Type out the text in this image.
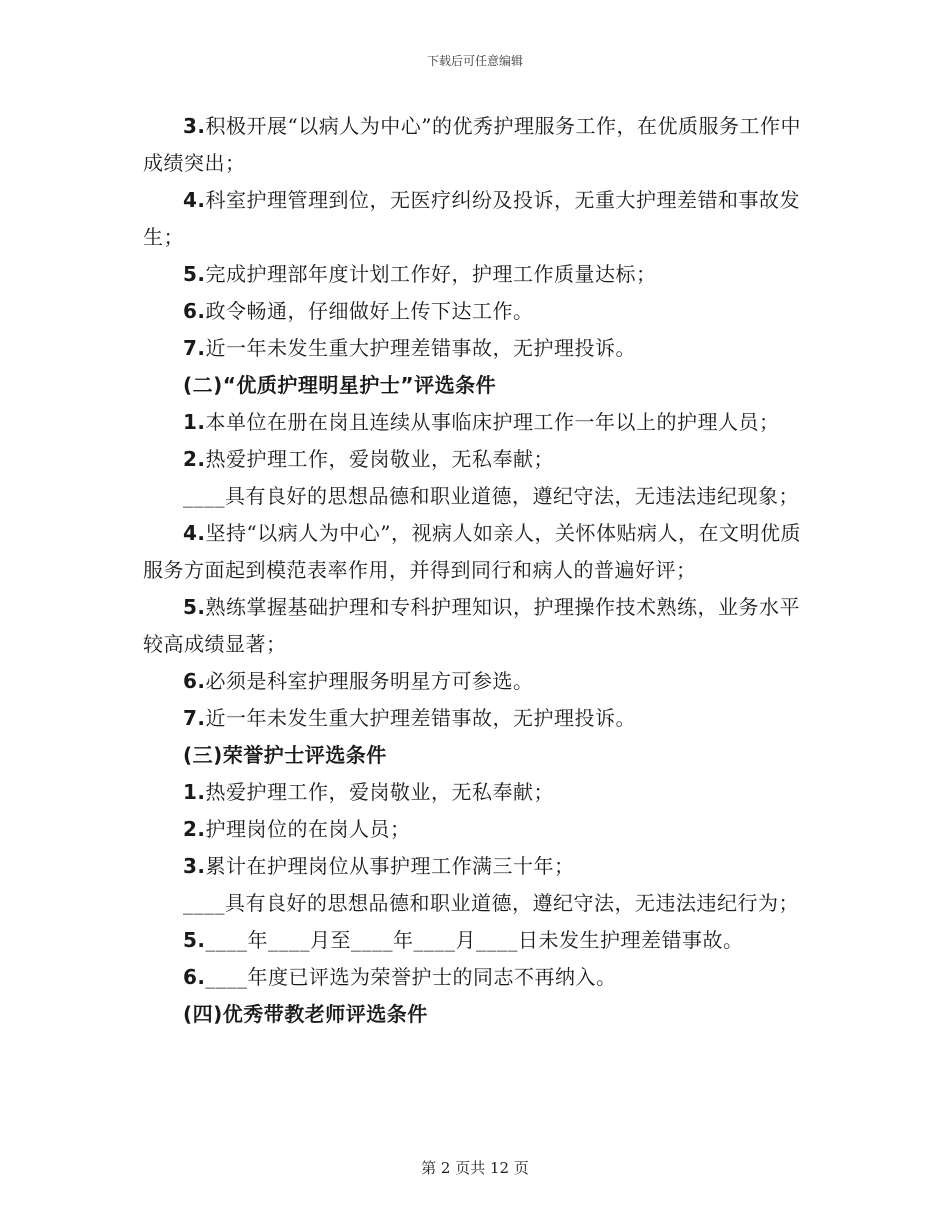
下载后可任意编辑

3.积极开展“以病人为中心”的优秀护理服务工作，在优质服务工作中成绩突出；

4.科室护理管理到位，无医疗纠纷及投诉，无重大护理差错和事故发生；

5.完成护理部年度计划工作好，护理工作质量达标；

6.政令畅通，仔细做好上传下达工作。

7.近一年未发生重大护理差错事故，无护理投诉。

(二)“优质护理明星护士”评选条件

1.本单位在册在岗且连续从事临床护理工作一年以上的护理人员；

2.热爱护理工作，爱岗敬业，无私奉献；

____具有良好的思想品德和职业道德，遵纪守法，无违法违纪现象；

4.坚持“以病人为中心”，视病人如亲人，关怀体贴病人，在文明优质服务方面起到模范表率作用，并得到同行和病人的普遍好评；

5.熟练掌握基础护理和专科护理知识，护理操作技术熟练，业务水平较高成绩显著；

6.必须是科室护理服务明星方可参选。

7.近一年未发生重大护理差错事故，无护理投诉。

(三)荣誉护士评选条件

1.热爱护理工作，爱岗敬业，无私奉献；

2.护理岗位的在岗人员；

3.累计在护理岗位从事护理工作满三十年；

____具有良好的思想品德和职业道德，遵纪守法，无违法违纪行为；

5.____年____月至____年____月____日未发生护理差错事故。

6.____年度已评选为荣誉护士的同志不再纳入。

(四)优秀带教老师评选条件

第 2 页共 12 页
